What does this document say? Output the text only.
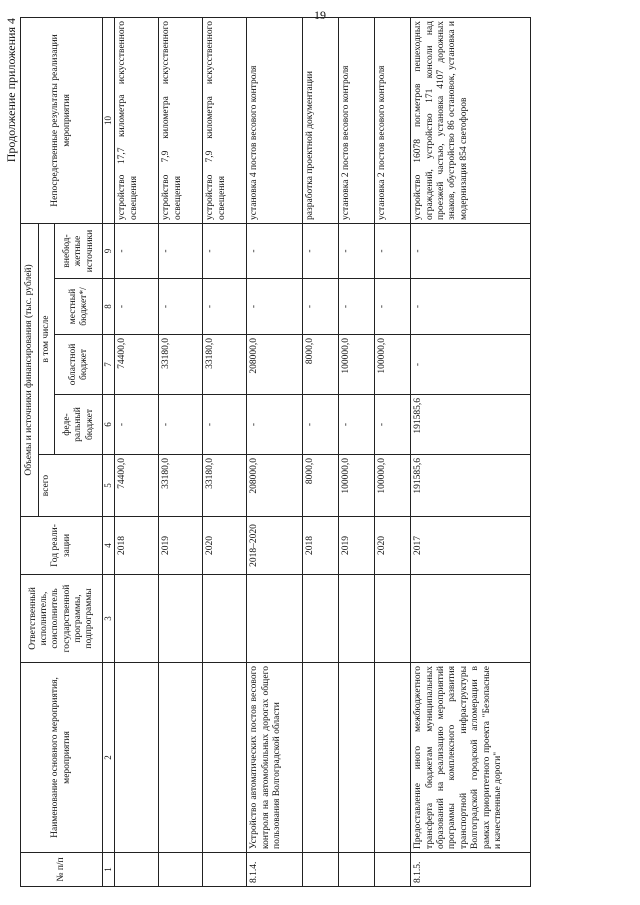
19
Продолжение приложения 4
№ п/п	Наименование основного мероприятия, мероприятия	Ответственный исполнитель, соисполнитель государственной программы, подпрограммы	Год реали-зации	Объемы и источники финансирования (тыс. рублей)					Непосредственные результаты реализации мероприятия
				всего	в том числе				
					феде-ральный бюджет	областной бюджет	местный бюджет*/	внебюд-жетные источники	
1	2	3	4	5	6	7	8	9	10
			2018	74400,0	-	74400,0	-	-	устройство 17,7 километра искусственного освещения
			2019	33180,0	-	33180,0	-	-	устройство 7,9 километра искусственного освещения
			2020	33180,0	-	33180,0	-	-	устройство 7,9 километра искусственного освещения
8.1.4.	Устройство автоматических постов весового контроля на автомобильных дорогах общего пользования Волгоградской области		2018–2020	208000,0	-	208000,0	-	-	установка 4 постов весового контроля
			2018	8000,0	-	8000,0	-	-	разработка проектной документации
			2019	100000,0	-	100000,0	-	-	установка 2 постов весового контроля
			2020	100000,0	-	100000,0	-	-	установка 2 постов весового контроля
8.1.5.	Предоставление иного межбюджетного трансферта бюджетам муниципальных образований на реализацию мероприятий программы комплексного развития транспортной инфраструктуры Волгоградской городской агломерации в рамках приоритетного проекта "Безопасные и качественные дороги"		2017	191585,6	191585,6	-	-	-	устройство 16078 пог.метров пешеходных ограждений, устройство 171 консоли над проезжей частью, установка 4107 дорожных знаков, обустройство 86 остановок, установка и модернизация 854 светофоров
